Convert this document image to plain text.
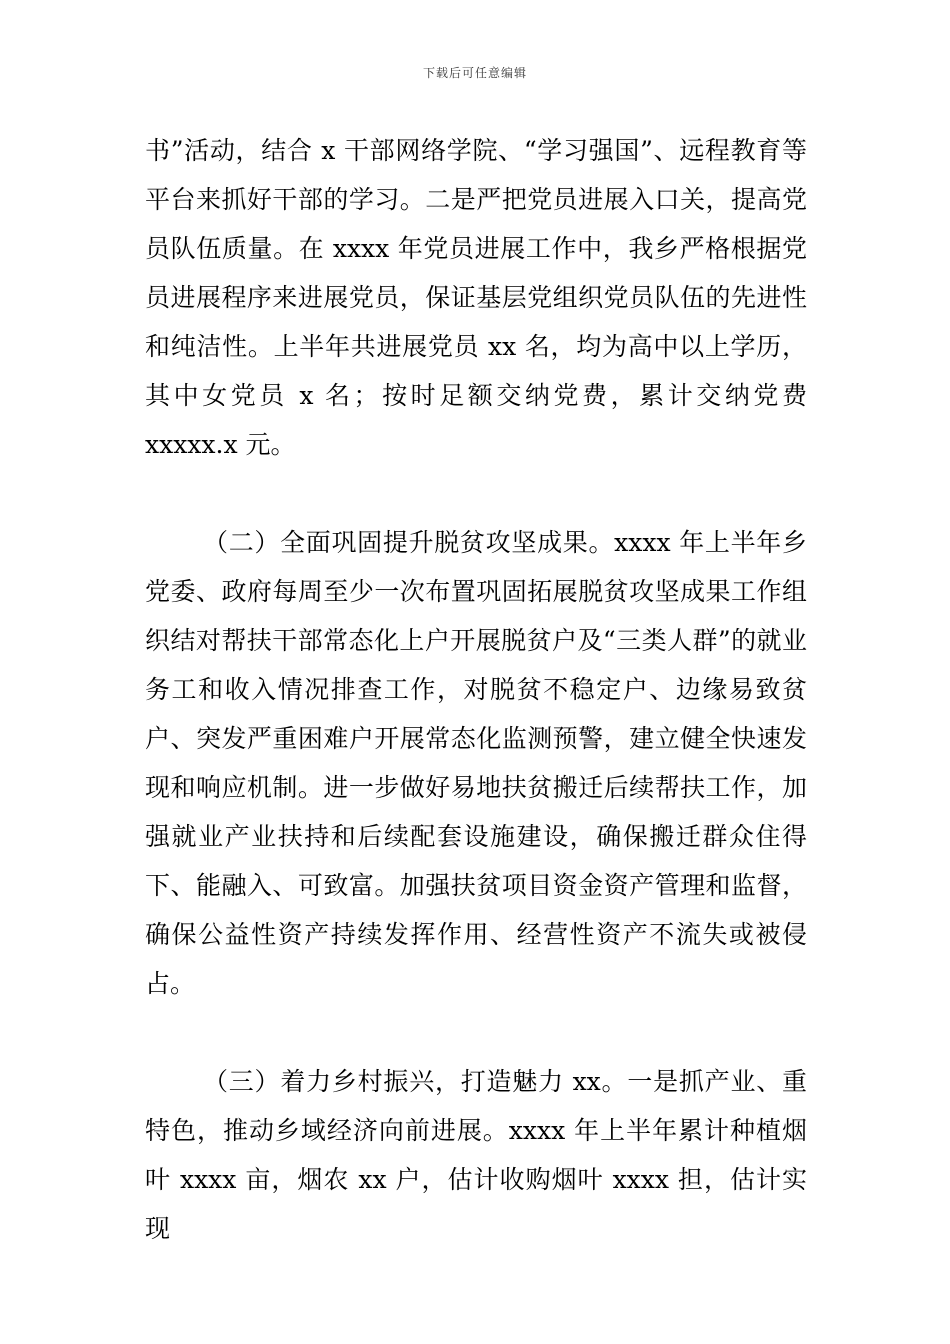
下载后可任意编辑

书”活动，结合 x 干部网络学院、“学习强国”、远程教育等平台来抓好干部的学习。二是严把党员进展入口关，提高党员队伍质量。在 xxxx 年党员进展工作中，我乡严格根据党员进展程序来进展党员，保证基层党组织党员队伍的先进性和纯洁性。上半年共进展党员 xx 名，均为高中以上学历，其中女党员 x 名；按时足额交纳党费，累计交纳党费xxxxx.x 元。

（二）全面巩固提升脱贫攻坚成果。xxxx 年上半年乡党委、政府每周至少一次布置巩固拓展脱贫攻坚成果工作组织结对帮扶干部常态化上户开展脱贫户及“三类人群”的就业务工和收入情况排查工作，对脱贫不稳定户、边缘易致贫户、突发严重困难户开展常态化监测预警，建立健全快速发现和响应机制。进一步做好易地扶贫搬迁后续帮扶工作，加强就业产业扶持和后续配套设施建设，确保搬迁群众住得下、能融入、可致富。加强扶贫项目资金资产管理和监督，确保公益性资产持续发挥作用、经营性资产不流失或被侵占。

（三）着力乡村振兴，打造魅力 xx。一是抓产业、重特色，推动乡域经济向前进展。xxxx 年上半年累计种植烟叶 xxxx 亩，烟农 xx 户，估计收购烟叶 xxxx 担，估计实现
